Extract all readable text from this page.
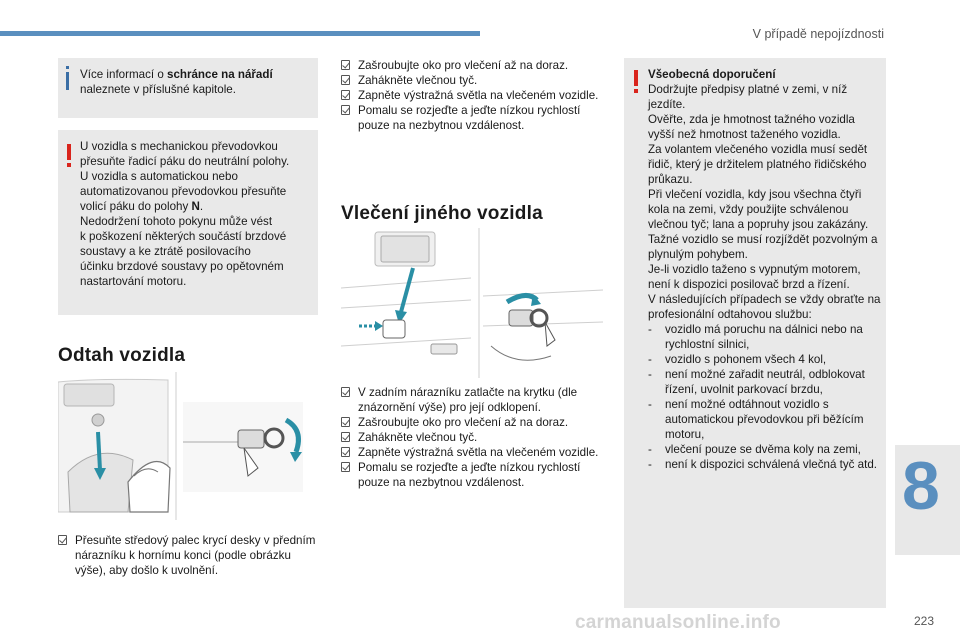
V případě nepojízdnosti
Více informací o schránce na nářadí naleznete v příslušné kapitole.
U vozidla s mechanickou převodovkou
přesuňte řadicí páku do neutrální polohy.
U vozidla s automatickou nebo
automatizovanou převodovkou přesuňte
volicí páku do polohy N.
Nedodržení tohoto pokynu může vést
k poškození některých součástí brzdové
soustavy a ke ztrátě posilovacího
účinku brzdové soustavy po opětovném
nastartování motoru.
Odtah vozidla
Přesuňte středový palec krycí desky v předním nárazníku k hornímu konci (podle obrázku výše), aby došlo k uvolnění.
Zašroubujte oko pro vlečení až na doraz.
Zahákněte vlečnou tyč.
Zapněte výstražná světla na vlečeném vozidle.
Pomalu se rozjeďte a jeďte nízkou rychlostí pouze na nezbytnou vzdálenost.
Vlečení jiného vozidla
V zadním nárazníku zatlačte na krytku (dle znázornění výše) pro její odklopení.
Zašroubujte oko pro vlečení až na doraz.
Zahákněte vlečnou tyč.
Zapněte výstražná světla na vlečeném vozidle.
Pomalu se rozjeďte a jeďte nízkou rychlostí pouze na nezbytnou vzdálenost.
Všeobecná doporučení
Dodržujte předpisy platné v zemi, v níž jezdíte.
Ověřte, zda je hmotnost tažného vozidla vyšší než hmotnost taženého vozidla.
Za volantem vlečeného vozidla musí sedět řidič, který je držitelem platného řidičského průkazu.
Při vlečení vozidla, kdy jsou všechna čtyři kola na zemi, vždy použijte schválenou vlečnou tyč; lana a popruhy jsou zakázány.
Tažné vozidlo se musí rozjíždět pozvolným a plynulým pohybem.
Je-li vozidlo taženo s vypnutým motorem, není k dispozici posilovač brzd a řízení.
V následujících případech se vždy obraťte na profesionální odtahovou službu:
- vozidlo má poruchu na dálnici nebo na rychlostní silnici,
- vozidlo s pohonem všech 4 kol,
- není možné zařadit neutrál, odblokovat řízení, uvolnit parkovací brzdu,
- není možné odtáhnout vozidlo s automatickou převodovkou při běžícím motoru,
- vlečení pouze se dvěma koly na zemi,
- není k dispozici schválená vlečná tyč atd. 8
carmanualsonline.info	223
